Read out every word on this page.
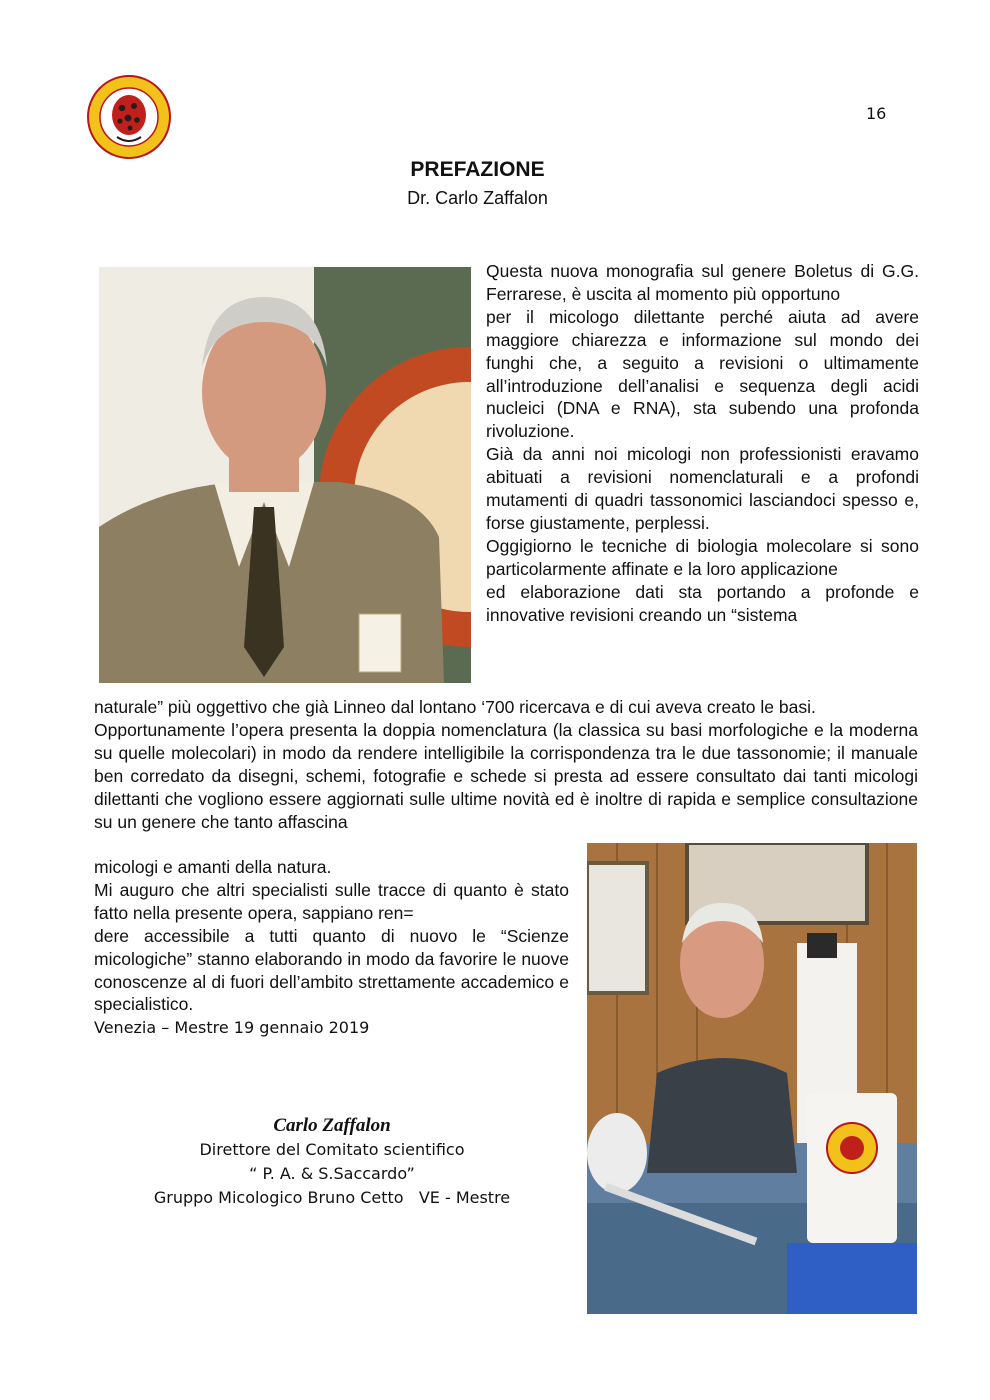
16
PREFAZIONE
Dr. Carlo Zaffalon

Questa nuova monografia sul genere Boletus di G.G. Ferrarese, è uscita al momento più opportuno

per il micologo dilettante perché aiuta ad avere maggiore chiarezza e informazione sul mondo dei funghi che, a seguito a revisioni o ultimamente all’introduzione dell’analisi e sequenza degli acidi nucleici (DNA e RNA), sta subendo una profonda rivoluzione.

Già da anni noi micologi non professionisti eravamo abituati a revisioni nomenclaturali e a profondi mutamenti di quadri tassonomici lasciandoci spesso e, forse giustamente, perplessi.

Oggigiorno le tecniche di biologia molecolare si sono particolarmente affinate e la loro applicazione

ed elaborazione dati sta portando a profonde e innovative revisioni creando un “sistema

naturale” più oggettivo che già Linneo dal lontano ‘700 ricercava e di cui aveva creato le basi.

Opportunamente l’opera presenta la doppia nomenclatura (la classica su basi morfologiche e la moderna su quelle molecolari) in modo da rendere intelligibile la corrispondenza tra le due tassonomie; il manuale ben corredato da disegni, schemi, fotografie e schede si presta ad essere consultato dai tanti micologi dilettanti che vogliono essere aggiornati sulle ultime novità ed è inoltre di rapida e semplice consultazione su un genere che tanto affascina

micologi e amanti della natura.

Mi auguro che altri specialisti sulle tracce di quanto è stato fatto nella presente opera, sappiano ren=

dere accessibile a tutti quanto di nuovo le “Scienze micologiche” stanno elaborando in modo da favorire le nuove conoscenze al di fuori dell’ambito strettamente accademico e specialistico.

Venezia – Mestre 19 gennaio 2019
Carlo Zaffalon
Direttore del Comitato scientifico
“ P. A. & S.Saccardo”
Gruppo Micologico Bruno Cetto   VE - Mestre
